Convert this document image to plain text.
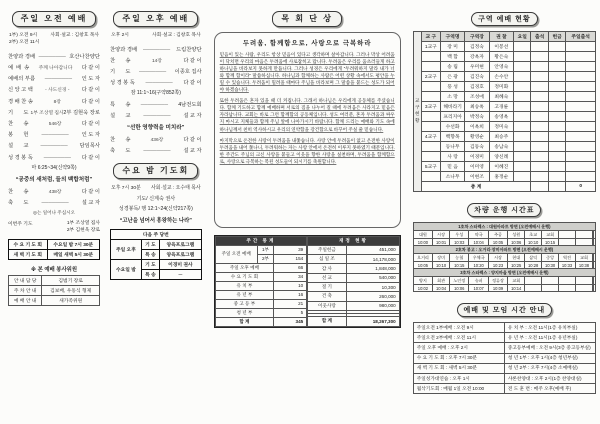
주일 오전 예배
1부) 오전 9시
2부) 오전 11시
사회·설교 : 김창호 목사
찬양과 경배 ──────── 호산나찬양단
예  배  송	주께 나아갑니다	다 같 이
예배의 부름	────────	인 도 자
신 앙 고 백	- 사도신경 -	다 같 이
경 배 찬 송	8장	다 같 이
기       도 1부 조상열 집사 2부 김현욱 장로
찬       송	546장	다 같 이
봉       헌	────────	인 도 자
설       교	────────	담임목사
성 경 봉 독	────────	다 같 이
마 6:25~34(신약9쪽)
“공중의 새처럼, 들의 백합처럼”
찬       송	438장	다 같 이
축       도	────────	설 교 자
◎는 일어나 주십시오
이번주 기도	1부 조상열 집사
2부 김현욱 장로
수 요 기 도 회	수요일 밤 7시 30분
새 벽 기 도 회	매일 새벽 5시 30분
※ 본 예배 봉사위원
안 내 담 당	김범기 장로
주 차 안 내	김보배, 우동식 형제
예 배 안 내	새가족위원
주일 오후 예배
오후 2시	사회·설교 : 김창호 목사
찬양과 경배	────────	드림찬양단
찬       송	14장	다 같 이
기       도	────────	이종호 집사
성 경 봉 독	────────	다 같 이
잠 11:1~16(구약852쪽)
특       송	────────	4남전도회
설       교	────────	설 교 자
“선한 영향력을 미치라”
찬       송	436장	다 같 이
축       도	────────	설 교 자
수요 밤 기도회
오후 7시 30분 사회·설교 : 오수태 목사
기도/ 신계숙 권사
성경봉독/ 행 12:1~24(신약217쪽)
“고난을 넘어서 흥왕하는 나라”
다음 주 당번		
주일 오후	기 도	양육프로그램
	특 송	양육프로그램
수요일 밤	기 도	이경미 권사
	특 송	－
목 회 단 상
두려움, 함께함으로, 사랑으로 극복하라

믿음이 있는 사람, 우리도 항상 믿음이 있다고 생각하며 살아갑니다. 그러나 막상 어려움이 닥치면 우리의 마음은 두려움에 사로잡히고 맙니다. 두려움은 우리를 움츠러들게 하고 하나님을 바라보지 못하게 만듭니다. 그러나 성경은 우리에게 “두려워하지 말라 내가 너와 함께 함이라” 말씀하십니다. 하나님과 함께하는 사람은 어떤 상황 속에서도 평안을 누릴 수 있습니다. 두려움이 밀려올 때마다 주님을 바라보며 그 말씀을 붙드는 성도가 되어야 하겠습니다.

또한 두려움은 혼자 있을 때 더 커집니다. 그래서 하나님은 우리에게 공동체를 주셨습니다. 함께 기도하고 함께 예배하며 서로의 짐을 나누어 질 때에 두려움은 사라지고 믿음은 자라납니다. 교회는 바로 그런 함께함의 공동체입니다. 성도 여러분, 혼자 두려움과 싸우지 마시고 지체들과 함께 주님 앞에 나아가시기 바랍니다. 함께 드리는 예배와 기도 속에 하나님께서 친히 역사하시고 우리의 연약함을 강건함으로 바꾸어 주실 줄 믿습니다.

마지막으로 온전한 사랑이 두려움을 내쫓습니다. 사랑 안에 두려움이 없고 온전한 사랑이 두려움을 내어 쫓나니, 두려워하는 자는 사랑 안에서 온전히 이루지 못하였기 때문입니다. 한 주간도 주님의 크신 사랑을 붙들고 이웃을 향한 사랑을 실천하며, 두려움을 함께함으로, 사랑으로 극복하는 복된 성도들이 되시기를 축원합니다.

주간 통계		
주일 오전 예배	1부	39
	2부	154
주일 오후 예배		66
수 요 기 도 회		34
유 치 부		10
유 년 부		16
중 고 등 부		21
청 년 부		5
합 계		345
재정 현황	
주일헌금	451,000
십 일 조	14,178,000
감 사	1,848,000
선 교	540,000
절 기	10,300
건 축	260,000
이웃사랑	980,000

합 계	18,267,300
구역 예배 현황
교구현황
교 구	구역명	구역장	권 찰	요일	출석	헌금	주일출석
1교구	장 미	김정숙	이봉선				
	백 합	강옥자	황은숙				
	송 림	우미현	안영숙				
2교구	은 광	김진숙	손수안				
	풍 성	김경호	정미화				
	소 망	조성애	최혜숙				
3교구	해바라기	최승옥	고경륜				
	프리지아	박정숙	송영옥				
	수선화	이옥희	정미숙				
4교구	백향목	황영순	최승주				
	등나무	김동숙	송남숙				
	사 랑	이경미	양신례				
5교구	믿 음	이미영	이혜진				
	소나무	이현조	홍정순				
총 계							0
차량 운행 시간표
1호차 스타렉스 : 대원아파트 방면 (오전예배시 운행)											
대원	시장	우성	약국	주공	성원	초교	교회				
10:00	10:01	10:03	10:04	10:05	10:06	10:10	10:15				
2호차 봉고 : 오거리·장미아파트 방면 (오전예배시 운행)											
오거리	장미	농협	우체국	시장	현대	삼익	중앙	역전	교회		
10:05	10:10	10:15	10:20	10:23	10:25	10:28	10:30	10:33	10:38		
3호차 스타렉스 : 양지마을 방면 (오전예배시 운행)											
양지	회관	노인정	슈퍼	정류장	교회						
10:02	10:04	10:06	10:07	10:09	10:14						
예배 및 모임 시간 안내
주일오전 1부예배 : 오전 9시	유 치 부 : 오전 11시(1층 유치부실)
주일오전 2부예배 : 오전 11시	유 년 부 : 오전 11시(1층 유년부실)
주일 오후 예배 : 오후 2시	중고등부예배 : 오전 9시(3층 중고등부실)
수 요 기 도 회 : 오후 7시 30분	청 년 1부 : 오후 1시(4층 청년부실)
새 벽 기 도 회 : 새벽 5시 30분	청 년 2부 : 오후 7시(4층 소예배실)
주일성가대연습 : 오후 1시	샤론찬양대 : 오후 2시(1층 찬양대실)
월삭기도회 : 매월 1일 오전 10:00	전 도 훈 련 : 매주 오후(예배 후)
